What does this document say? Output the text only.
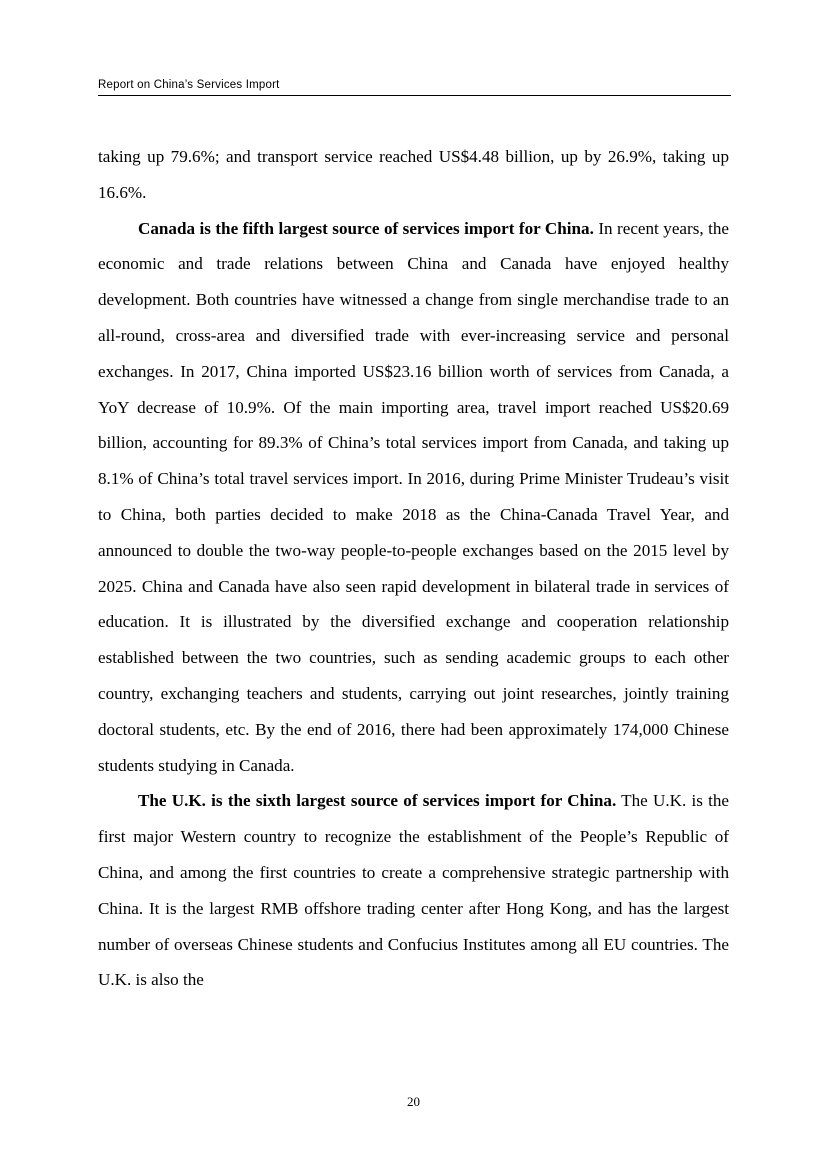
Report on China’s Services Import

taking up 79.6%; and transport service reached US$4.48 billion, up by 26.9%, taking up 16.6%.

Canada is the fifth largest source of services import for China. In recent years, the economic and trade relations between China and Canada have enjoyed healthy development. Both countries have witnessed a change from single merchandise trade to an all-round, cross-area and diversified trade with ever-increasing service and personal exchanges. In 2017, China imported US$23.16 billion worth of services from Canada, a YoY decrease of 10.9%. Of the main importing area, travel import reached US$20.69 billion, accounting for 89.3% of China’s total services import from Canada, and taking up 8.1% of China’s total travel services import. In 2016, during Prime Minister Trudeau’s visit to China, both parties decided to make 2018 as the China-Canada Travel Year, and announced to double the two-way people-to-people exchanges based on the 2015 level by 2025. China and Canada have also seen rapid development in bilateral trade in services of education. It is illustrated by the diversified exchange and cooperation relationship established between the two countries, such as sending academic groups to each other country, exchanging teachers and students, carrying out joint researches, jointly training doctoral students, etc. By the end of 2016, there had been approximately 174,000 Chinese students studying in Canada.

The U.K. is the sixth largest source of services import for China. The U.K. is the first major Western country to recognize the establishment of the People’s Republic of China, and among the first countries to create a comprehensive strategic partnership with China. It is the largest RMB offshore trading center after Hong Kong, and has the largest number of overseas Chinese students and Confucius Institutes among all EU countries. The U.K. is also the

20
